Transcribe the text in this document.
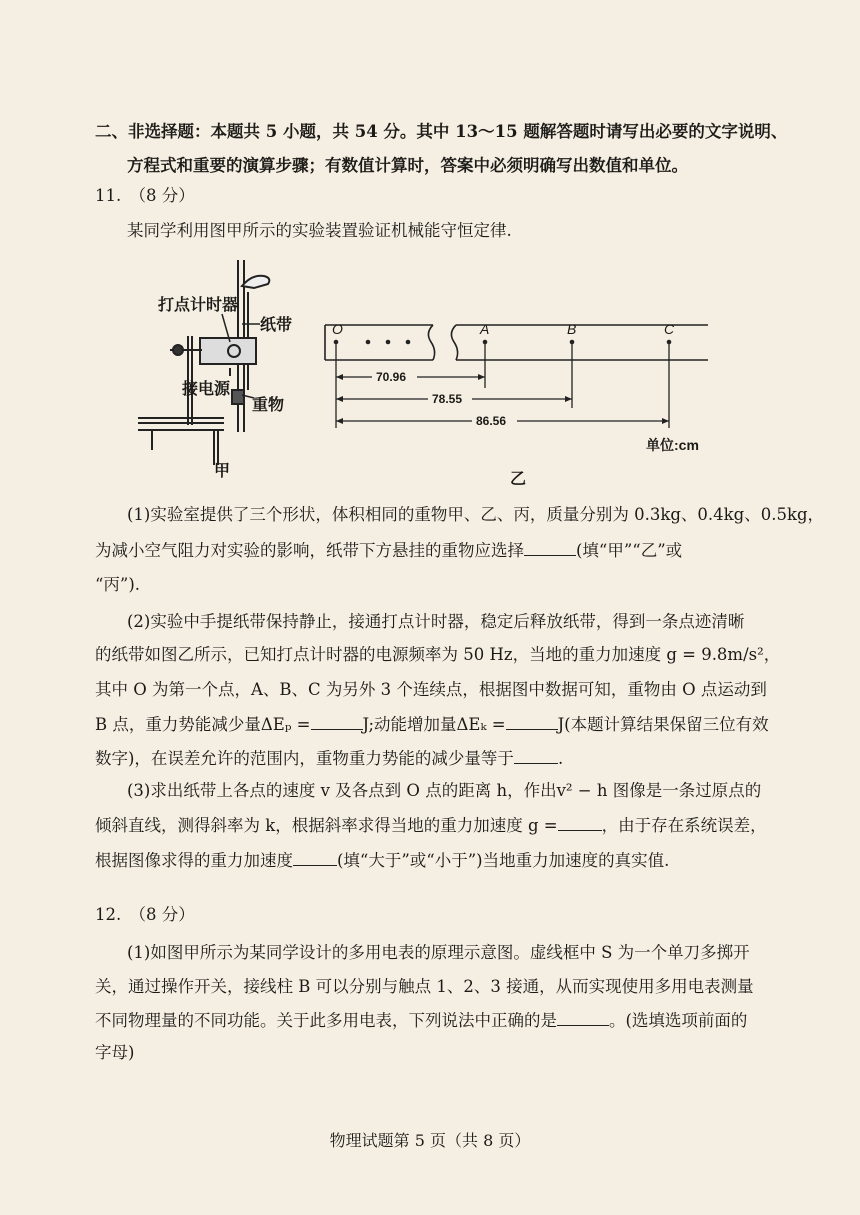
二、非选择题：本题共 5 小题，共 54 分。其中 13～15 题解答题时请写出必要的文字说明、
方程式和重要的演算步骤；有数值计算时，答案中必须明确写出数值和单位。
11.　（8 分）
某同学利用图甲所示的实验装置验证机械能守恒定律.
打点计时器
纸带
接电源
重物
甲
O	A	B	C
70.96
78.55
86.56
单位:cm
乙
(1)实验室提供了三个形状，体积相同的重物甲、乙、丙，质量分别为 0.3kg、0.4kg、0.5kg，
为减小空气阻力对实验的影响，纸带下方悬挂的重物应选择	(填“甲”“乙”或
“丙”).
(2)实验中手提纸带保持静止，接通打点计时器，稳定后释放纸带，得到一条点迹清晰
的纸带如图乙所示，已知打点计时器的电源频率为 50 Hz，当地的重力加速度 g = 9.8m/s²，
其中 O 为第一个点，A、B、C 为另外 3 个连续点，根据图中数据可知，重物由 O 点运动到
B 点，重力势能减少量ΔEₚ =	J;动能增加量ΔEₖ =	J(本题计算结果保留三位有效
数字)，在误差允许的范围内，重物重力势能的减少量等于	.
(3)求出纸带上各点的速度 v 及各点到 O 点的距离 h，作出v² − h 图像是一条过原点的
倾斜直线，测得斜率为 k，根据斜率求得当地的重力加速度 g =	，由于存在系统误差，
根据图像求得的重力加速度	(填“大于”或“小于”)当地重力加速度的真实值.
12.　（8 分）
(1)如图甲所示为某同学设计的多用电表的原理示意图。虚线框中 S 为一个单刀多掷开
关，通过操作开关，接线柱 B 可以分别与触点 1、2、3 接通，从而实现使用多用电表测量
不同物理量的不同功能。关于此多用电表，下列说法中正确的是	。(选填选项前面的
字母)
物理试题第 5 页（共 8 页）
